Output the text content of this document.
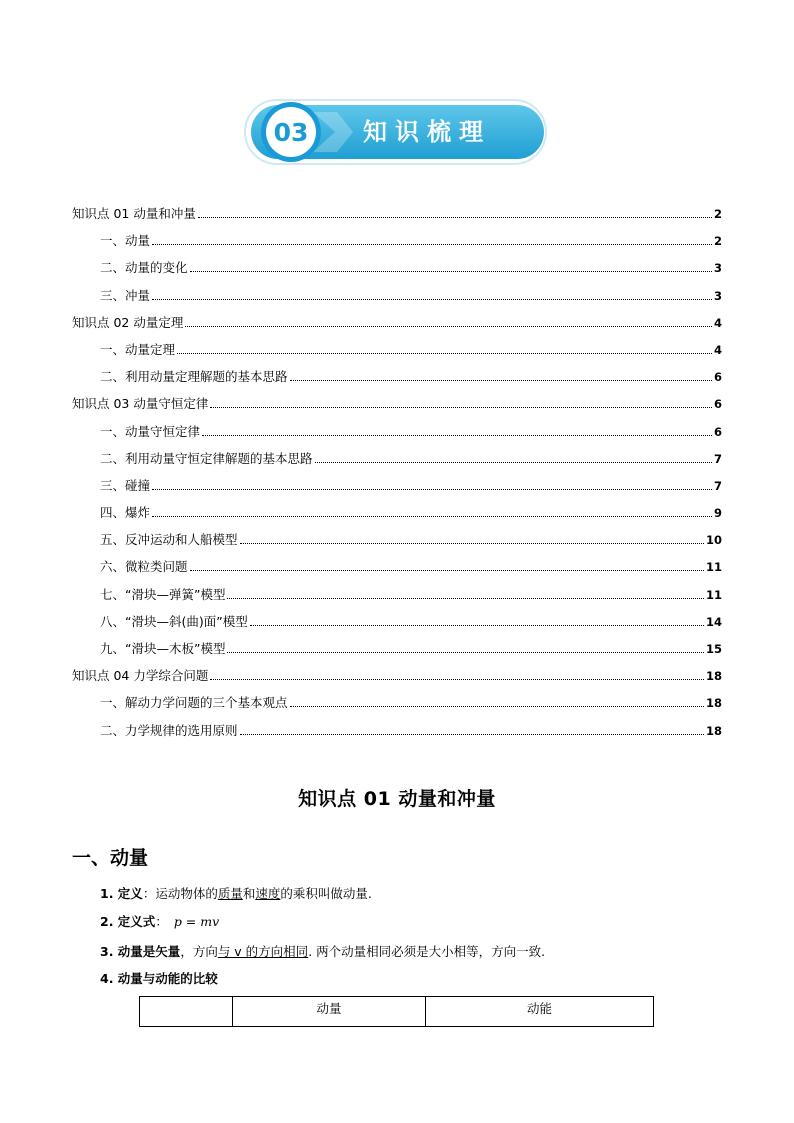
03 知识梳理
知识点 01 动量和冲量	2
一、动量	2
二、动量的变化	3
三、冲量	3
知识点 02 动量定理	4
一、动量定理	4
二、利用动量定理解题的基本思路	6
知识点 03 动量守恒定律	6
一、动量守恒定律	6
二、利用动量守恒定律解题的基本思路	7
三、碰撞	7
四、爆炸	9
五、反冲运动和人船模型	10
六、微粒类问题	11
七、“滑块—弹簧”模型	11
八、“滑块—斜(曲)面”模型	14
九、“滑块—木板”模型	15
知识点 04 力学综合问题	18
一、解动力学问题的三个基本观点	18
二、力学规律的选用原则	18
知识点 01 动量和冲量
一、动量
1. 定义：运动物体的质量和速度的乘积叫做动量.
2. 定义式： p = mv
3. 动量是矢量，方向与 v 的方向相同. 两个动量相同必须是大小相等，方向一致.
4. 动量与动能的比较
	动量	动能
